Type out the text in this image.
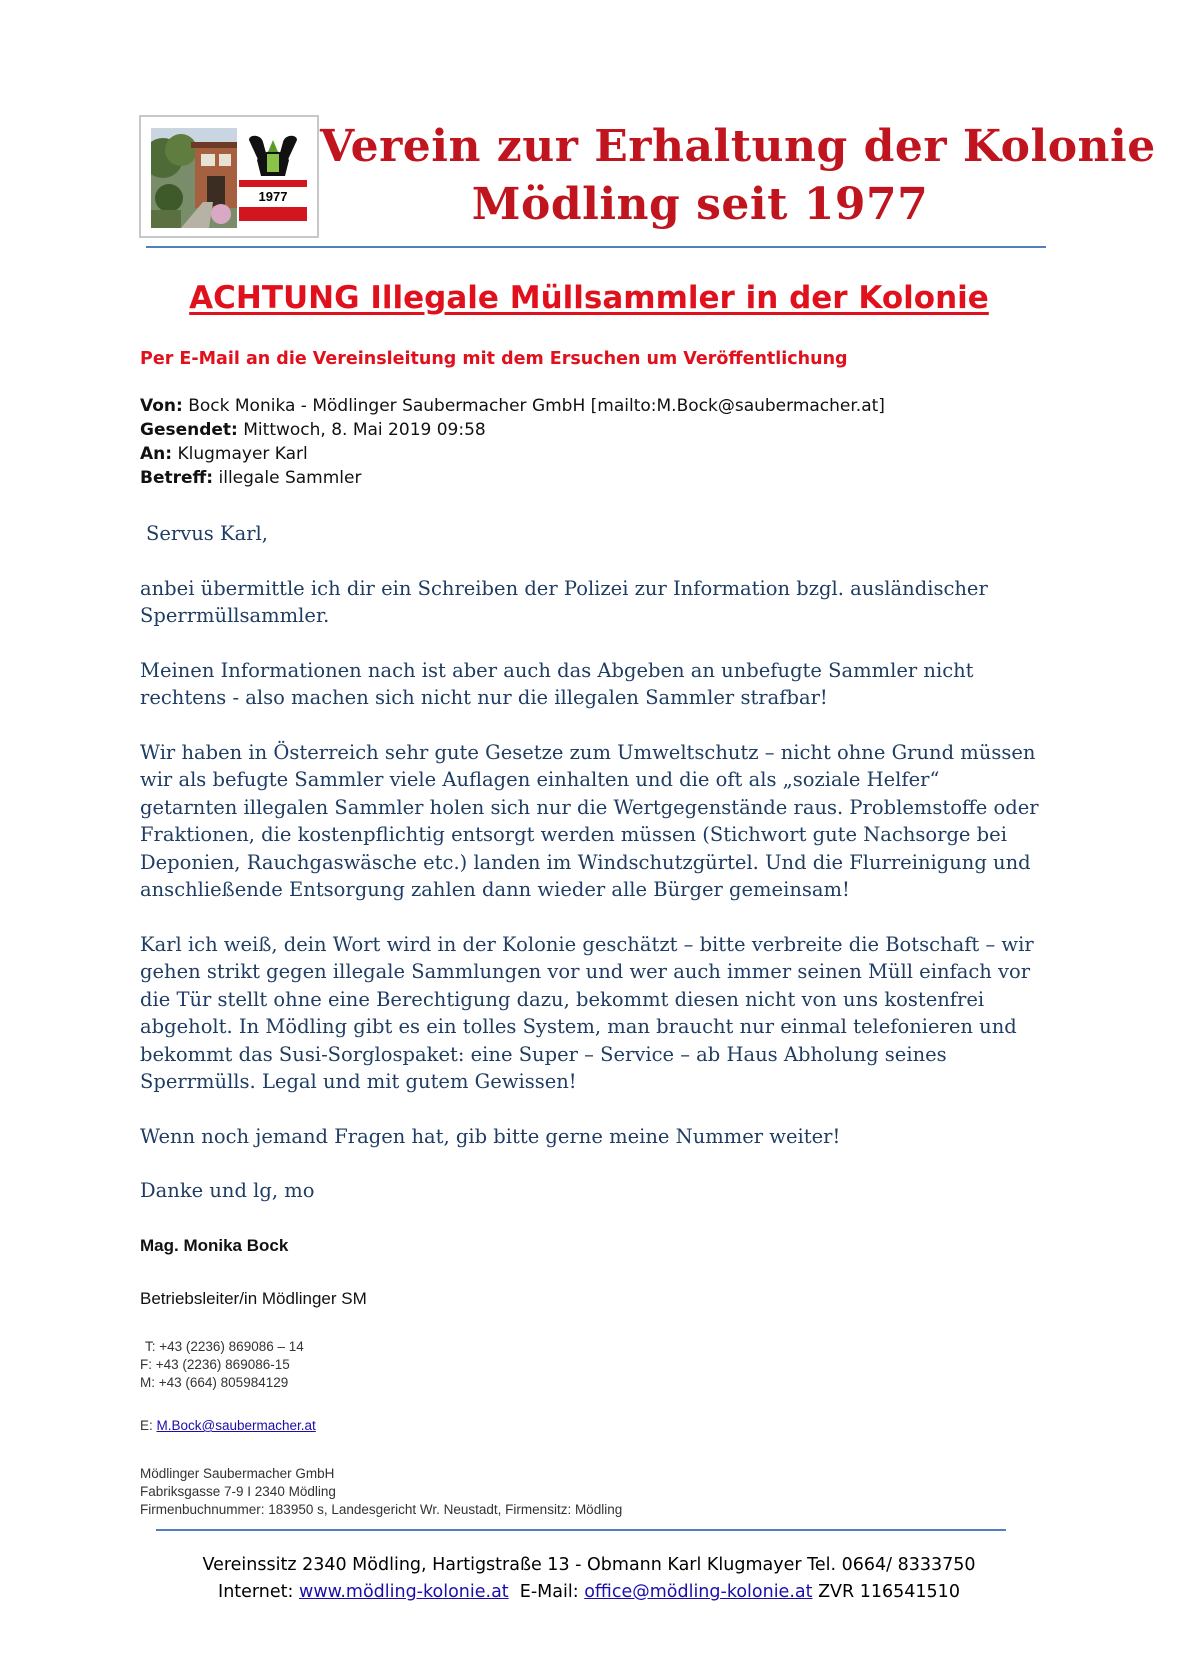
1977
Verein zur Erhaltung der Kolonie
Mödling seit 1977
ACHTUNG Illegale Müllsammler in der Kolonie
Per E-Mail an die Vereinsleitung mit dem Ersuchen um Veröffentlichung
Von: Bock Monika - Mödlinger Saubermacher GmbH [mailto:M.Bock@saubermacher.at]
Gesendet: Mittwoch, 8. Mai 2019 09:58
An: Klugmayer Karl
Betreff: illegale Sammler

Servus Karl,

anbei übermittle ich dir ein Schreiben der Polizei zur Information bzgl. ausländischer Sperrmüllsammler.

Meinen Informationen nach ist aber auch das Abgeben an unbefugte Sammler nicht rechtens - also machen sich nicht nur die illegalen Sammler strafbar!

Wir haben in Österreich sehr gute Gesetze zum Umweltschutz – nicht ohne Grund müssen wir als befugte Sammler viele Auflagen einhalten und die oft als „soziale Helfer“ getarnten illegalen Sammler holen sich nur die Wertgegenstände raus. Problemstoffe oder Fraktionen, die kostenpflichtig entsorgt werden müssen (Stichwort gute Nachsorge bei Deponien, Rauchgaswäsche etc.) landen im Windschutzgürtel. Und die Flurreinigung und anschließende Entsorgung zahlen dann wieder alle Bürger gemeinsam!

Karl ich weiß, dein Wort wird in der Kolonie geschätzt – bitte verbreite die Botschaft – wir gehen strikt gegen illegale Sammlungen vor und wer auch immer seinen Müll einfach vor die Tür stellt ohne eine Berechtigung dazu, bekommt diesen nicht von uns kostenfrei abgeholt. In Mödling gibt es ein tolles System, man braucht nur einmal telefonieren und bekommt das Susi-Sorglospaket: eine Super – Service – ab Haus Abholung seines Sperrmülls. Legal und mit gutem Gewissen!

Wenn noch jemand Fragen hat, gib bitte gerne meine Nummer weiter!

Danke und lg, mo

Mag. Monika Bock
Betriebsleiter/in Mödlinger SM
T: +43 (2236) 869086 – 14
F: +43 (2236) 869086-15
M: +43 (664) 805984129
E: M.Bock@saubermacher.at
Mödlinger Saubermacher GmbH
Fabriksgasse 7-9 I 2340 Mödling
Firmenbuchnummer: 183950 s, Landesgericht Wr. Neustadt, Firmensitz: Mödling
Vereinssitz 2340 Mödling, Hartigstraße 13 - Obmann Karl Klugmayer Tel. 0664/ 8333750
Internet: www.mödling-kolonie.at E-Mail: office@mödling-kolonie.at ZVR 116541510
